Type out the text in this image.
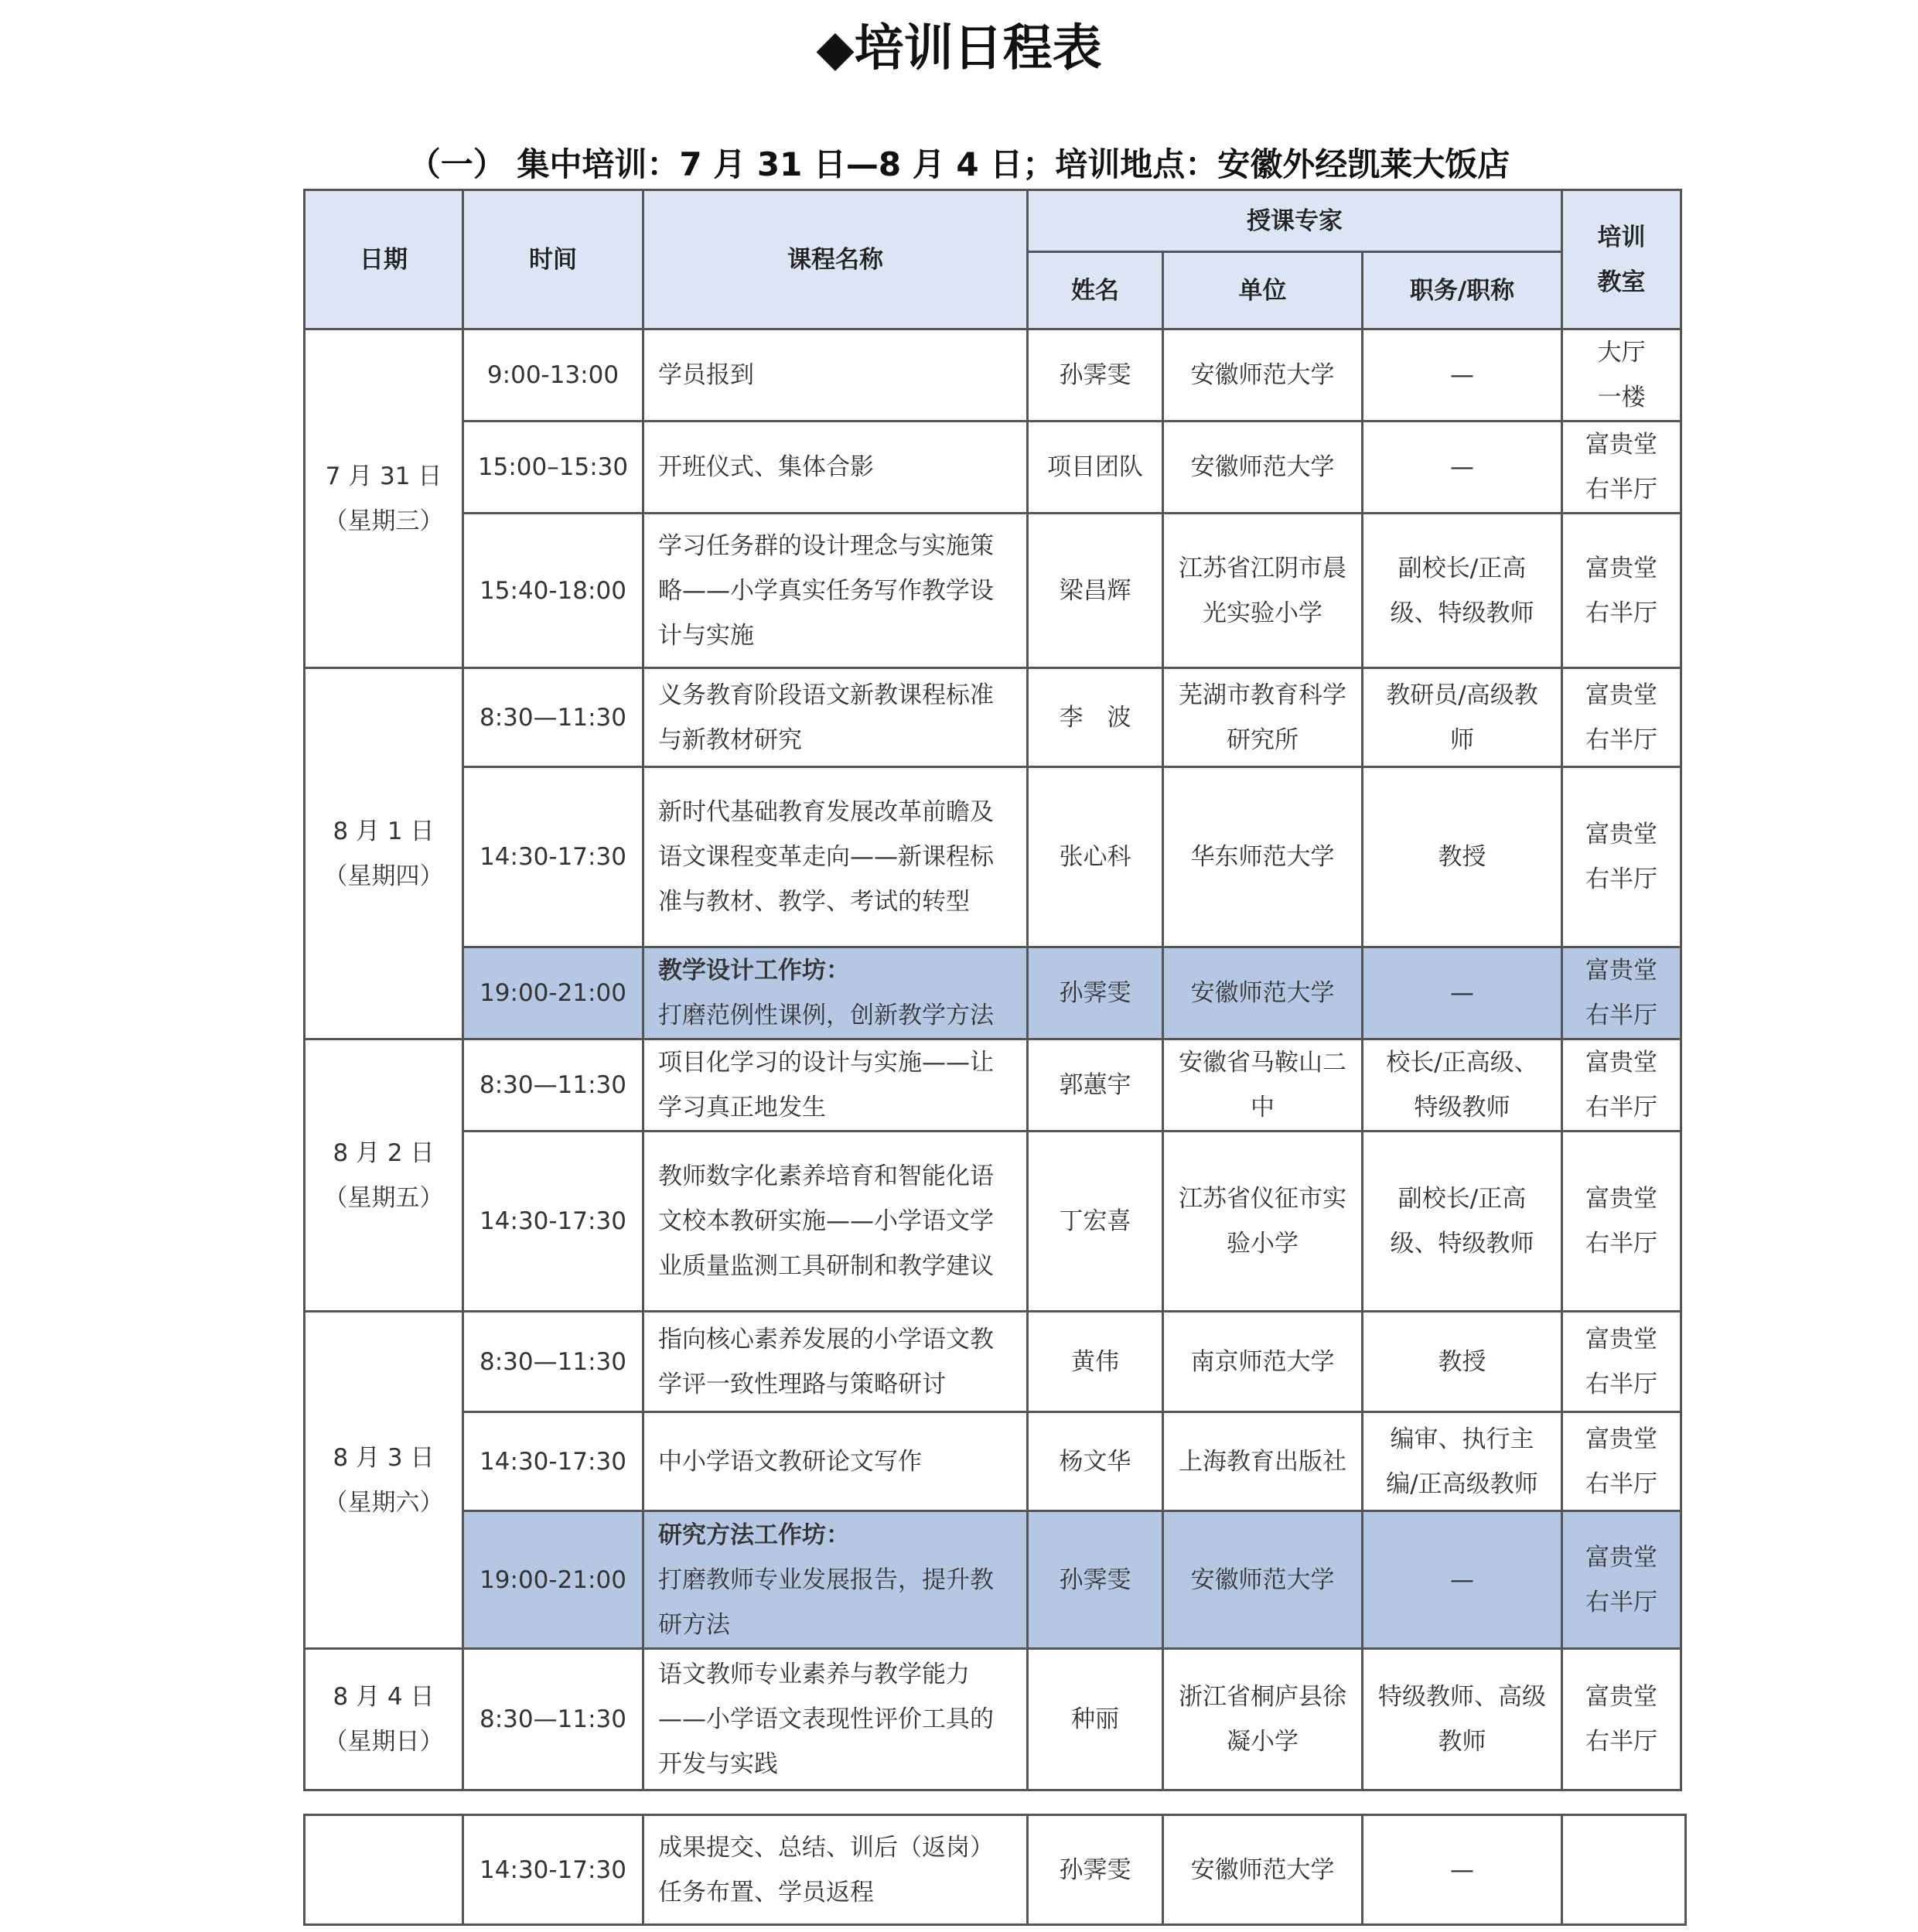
◆培训日程表
（一） 集中培训：7 月 31 日—8 月 4 日；培训地点：安徽外经凯莱大饭店
日期	时间	课程名称	授课专家			培训
教室
			姓名	单位	职务/职称	
7 月 31 日
（星期三）	9:00-13:00	学员报到	孙霁雯	安徽师范大学	—	大厅
一楼
	15:00–15:30	开班仪式、集体合影	项目团队	安徽师范大学	—	富贵堂
右半厅
	15:40-18:00	学习任务群的设计理念与实施策略——小学真实任务写作教学设计与实施	梁昌辉	江苏省江阴市晨光实验小学	副校长/正高级、特级教师	富贵堂
右半厅
8 月 1 日
（星期四）	8:30—11:30	义务教育阶段语文新教课程标准与新教材研究	李　波	芜湖市教育科学研究所	教研员/高级教师	富贵堂
右半厅
	14:30-17:30	新时代基础教育发展改革前瞻及语文课程变革走向——新课程标准与教材、教学、考试的转型	张心科	华东师范大学	教授	富贵堂
右半厅
	19:00-21:00	教学设计工作坊：
打磨范例性课例，创新教学方法	孙霁雯	安徽师范大学	—	富贵堂
右半厅
8 月 2 日
（星期五）	8:30—11:30	项目化学习的设计与实施——让学习真正地发生	郭蕙宇	安徽省马鞍山二中	校长/正高级、特级教师	富贵堂
右半厅
	14:30-17:30	教师数字化素养培育和智能化语文校本教研实施——小学语文学业质量监测工具研制和教学建议	丁宏喜	江苏省仪征市实验小学	副校长/正高级、特级教师	富贵堂
右半厅
8 月 3 日
（星期六）	8:30—11:30	指向核心素养发展的小学语文教学评一致性理路与策略研讨	黄伟	南京师范大学	教授	富贵堂
右半厅
	14:30-17:30	中小学语文教研论文写作	杨文华	上海教育出版社	编审、执行主编/正高级教师	富贵堂
右半厅
	19:00-21:00	研究方法工作坊：
打磨教师专业发展报告，提升教研方法	孙霁雯	安徽师范大学	—	富贵堂
右半厅
8 月 4 日
（星期日）	8:30—11:30	语文教师专业素养与教学能力——小学语文表现性评价工具的开发与实践	种丽	浙江省桐庐县徐凝小学	特级教师、高级教师	富贵堂
右半厅
	14:30-17:30	成果提交、总结、训后（返岗）任务布置、学员返程	孙霁雯	安徽师范大学	—	
